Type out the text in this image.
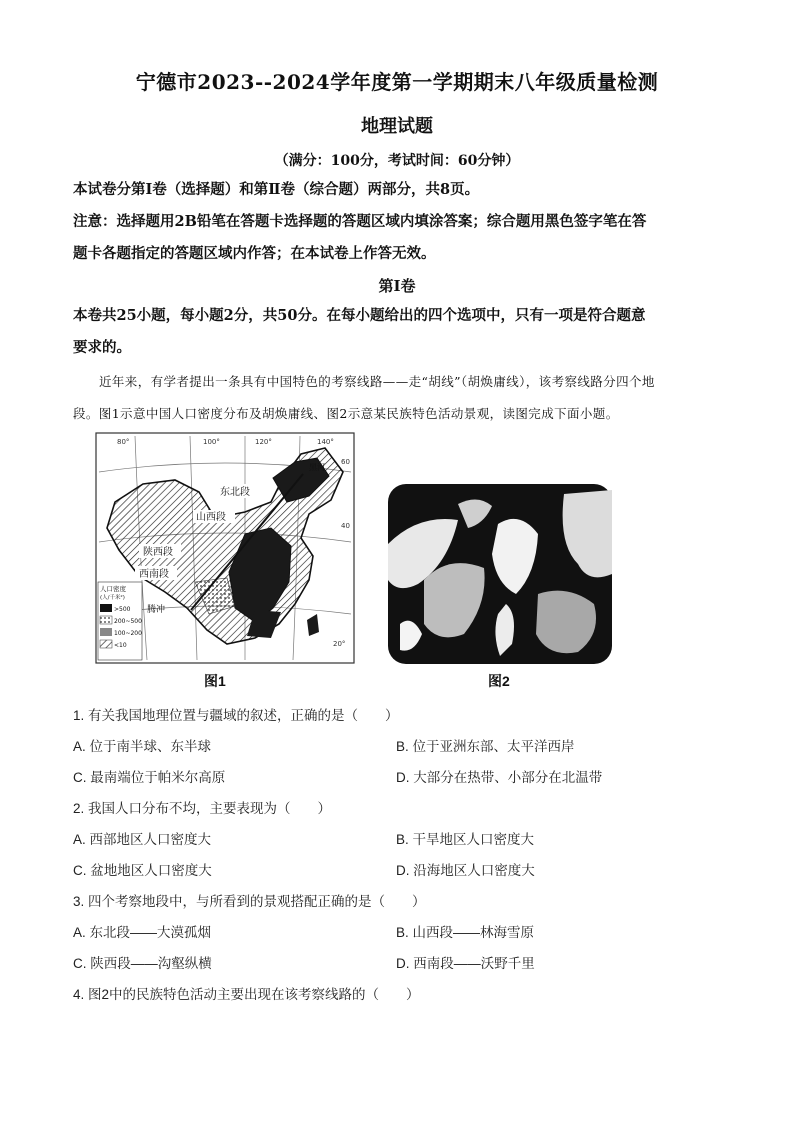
宁德市2023--2024学年度第一学期期末八年级质量检测
地理试题
（满分：100分，考试时间：60分钟）
本试卷分第Ⅰ卷（选择题）和第Ⅱ卷（综合题）两部分，共8页。
注意：选择题用2B铅笔在答题卡选择题的答题区域内填涂答案；综合题用黑色签字笔在答
题卡各题指定的答题区域内作答；在本试卷上作答无效。
第Ⅰ卷
本卷共25小题，每小题2分，共50分。在每小题给出的四个选项中，只有一项是符合题意
要求的。
近年来，有学者提出一条具有中国特色的考察线路——走“胡线”（胡焕庸线），该考察线路分四个地
段。图1示意中国人口密度分布及胡焕庸线、图2示意某民族特色活动景观，读图完成下面小题。
东北段
山西段
陕西段
西南段
腾冲
黑河
80°	100°	120°	140°
60
40
20°
人口密度
(人/千米²)
>500
200~500
100~200
<10
图1	图2
1. 有关我国地理位置与疆域的叙述，正确的是（　　）
A. 位于南半球、东半球	B. 位于亚洲东部、太平洋西岸
C. 最南端位于帕米尔高原	D. 大部分在热带、小部分在北温带
2. 我国人口分布不均，主要表现为（　　）
A. 西部地区人口密度大	B. 干旱地区人口密度大
C. 盆地地区人口密度大	D. 沿海地区人口密度大
3. 四个考察地段中，与所看到的景观搭配正确的是（　　）
A. 东北段——大漠孤烟	B. 山西段——林海雪原
C. 陕西段——沟壑纵横	D. 西南段——沃野千里
4. 图2中的民族特色活动主要出现在该考察线路的（　　）
